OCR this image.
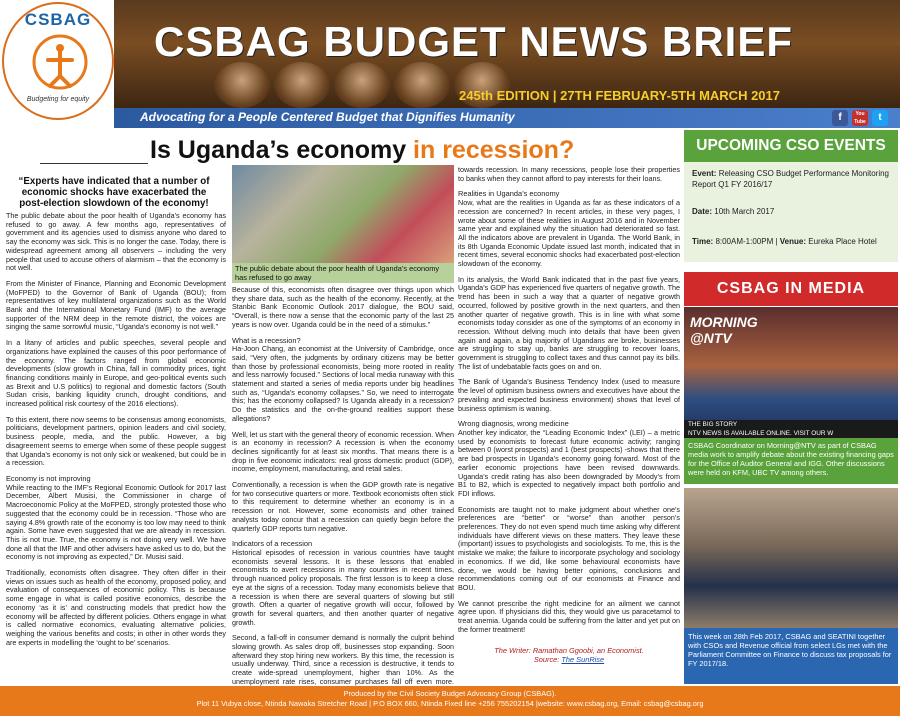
CSBAG
Budgeting for equity
CSBAG BUDGET NEWS BRIEF
245th EDITION | 27TH FEBRUARY-5TH MARCH 2017
Advocating for a People Centered Budget that Dignifies Humanity	f	You Tube	t
Is Uganda’s economy in recession?
“Experts have indicated that a number of economic shocks have exacerbated the post-election slowdown of the economy!

The public debate about the poor health of Uganda’s economy has refused to go away. A few months ago, representatives of government and its agencies used to dismiss anyone who dared to say the economy was sick. This is no longer the case. Today, there is widespread agreement among all observers – including the very people that used to accuse others of alarmism – that the economy is not well.

From the Minister of Finance, Planning and Economic Development (MoFPED) to the Governor of Bank of Uganda (BOU); from representatives of key multilateral organizations such as the World Bank and the International Monetary Fund (IMF) to the average supporter of the NRM deep in the remote district, the voices are singing the same sorrowful music, “Uganda’s economy is not well.”

In a litany of articles and public speeches, several people and organizations have explained the causes of this poor performance of the economy. The factors ranged from global economic developments (slow growth in China, fall in commodity prices, tight financing conditions mainly in Europe, and geo-political events such as Brexit and U.S politics) to regional and domestic factors (South Sudan crisis, banking liquidity crunch, drought conditions, and increased political risk courtesy of the 2016 elections).

To this extent, there now seems to be consensus among economists, politicians, development partners, opinion leaders and civil society, business people, media, and the public. However, a big disagreement seems to emerge when some of these people suggest that Uganda’s economy is not only sick or weakened, but could be in a recession.

Economy is not improving

While reacting to the IMF’s Regional Economic Outlook for 2017 last December, Albert Musisi, the Commissioner in charge of Macroeconomic Policy at the MoFPED, strongly protested those who suggested that the economy could be in recession. “Those who are saying 4.8% growth rate of the economy is too low may need to think again. Some have even suggested that we are already in recession. This is not true. True, the economy is not doing very well. We have done all that the IMF and other advisers have asked us to do, but the economy is not improving as expected,” Dr. Musisi said.

Traditionally, economists often disagree. They often differ in their views on issues such as health of the economy, proposed policy, and evaluation of consequences of economic policy. This is because some engage in what is called positive economics, describe the economy ‘as it is’ and constructing models that predict how the economy will be affected by different policies. Others engage in what is called normative economics, evaluating alternative policies, weighing the various benefits and costs; in other in other words they are experts in modelling the ‘ought to be’ scenarios.

The public debate about the poor health of Uganda’s economy has refused to go away

Because of this, economists often disagree over things upon which they share data, such as the health of the economy. Recently, at the Stanbic Bank Economic Outlook 2017 dialogue, the BOU said, “Overall, is there now a sense that the economic party of the last 25 years is now over. Uganda could be in the need of a stimulus.”

What is a recession?

Ha-Joon Chang, an economist at the University of Cambridge, once said, “Very often, the judgments by ordinary citizens may be better than those by professional economists, being more rooted in reality and less narrowly focused.” Sections of local media runaway with this statement and started a series of media reports under big headlines such as, “Uganda’s economy collapses.” So, we need to interrogate this; has the economy collapsed? Is Uganda already in a recession? Do the statistics and the on-the-ground realities support these allegations?

Well, let us start with the general theory of economic recession. When is an economy in recession? A recession is when the economy declines significantly for at least six months. That means there is a drop in five economic indicators: real gross domestic product (GDP), income, employment, manufacturing, and retail sales.

Conventionally, a recession is when the GDP growth rate is negative for two consecutive quarters or more. Textbook economists often stick to this requirement to determine whether an economy is in a recession or not. However, some economists and other trained analysts today concur that a recession can quietly begin before the quarterly GDP reports turn negative.

Indicators of a recession

Historical episodes of recession in various countries have taught economists several lessons. It is these lessons that enabled economists to avert recessions in many countries in recent times, through nuanced policy proposals. The first lesson is to keep a close eye at the signs of a recession. Today many economists believe that a recession is when there are several quarters of slowing but still growth. Often a quarter of negative growth will occur, followed by growth for several quarters, and then another quarter of negative growth.

Second, a fall-off in consumer demand is normally the culprit behind slowing growth. As sales drop off, businesses stop expanding. Soon afterward they stop hiring new workers. By this time, the recession is usually underway. Third, since a recession is destructive, it tends to create wide-spread unemployment, higher than 10%. As the unemployment rate rises, consumer purchases fall off even more.

towards recession. In many recessions, people lose their properties to banks when they cannot afford to pay interests for their loans.

Realities in Uganda’s economy

Now, what are the realities in Uganda as far as these indicators of a recession are concerned? In recent articles, in these very pages, I wrote about some of these realities in August 2016 and in November same year and explained why the situation had deteriorated so fast. All the indicators above are prevalent in Uganda. The World Bank, in its 8th Uganda Economic Update issued last month, indicated that in recent times, several economic shocks had exacerbated post-election slowdown of the economy.

In its analysis, the World Bank indicated that in the past five years, Uganda’s GDP has experienced five quarters of negative growth. The trend has been in such a way that a quarter of negative growth occurred, followed by positive growth in the next quarters, and then another quarter of negative growth. This is in line with what some economists today consider as one of the symptoms of an economy in recession. Without delving much into details that have been given again and again, a big majority of Ugandans are broke, businesses are struggling to stay up, banks are struggling to recover loans, government is struggling to collect taxes and thus cannot pay its bills. The list of undebatable facts goes on and on.

The Bank of Uganda’s Business Tendency Index (used to measure the level of optimism business owners and executives have about the prevailing and expected business environment) shows that level of business optimism is waning.

Wrong diagnosis, wrong medicine

Another key indicator, the “Leading Economic Index” (LEI) – a metric used by economists to forecast future economic activity; ranging between 0 (worst prospects) and 1 (best prospects) -shows that there are bad prospects in Uganda’s economy going forward. Most of the earlier economic projections have been revised downwards. Uganda’s credit rating has also been downgraded by Moody’s from B1 to B2, which is expected to negatively impact both portfolio and FDI inflows.

Economists are taught not to make judgment about whether one’s preferences are “better” or “worse” than another person’s preferences. They do not even spend much time asking why different individuals have different views on these matters. They leave these (important) issues to psychologists and sociologists. To me, this is the mistake we make; the failure to incorporate psychology and sociology in economics. If we did, like some behavioural economists have done, we would be having better opinions, conclusions and recommendations coming out of our economists at Finance and BOU.

We cannot prescribe the right medicine for an ailment we cannot agree upon. If physicians did this, they would give us paracetamol to treat anemia. Uganda could be suffering from the latter and yet put on the former treatment!

The Writer: Ramathan Ggoobi, an Economist.
Source: The SunRise
UPCOMING CSO EVENTS
Event: Releasing CSO Budget Performance Monitoring Report Q1 FY 2016/17
Date: 10th March 2017
Time: 8:00AM-1:00PM | Venue: Eureka Place Hotel
CSBAG IN MEDIA
MORNING @NTV
THE BIG STORY
NTV NEWS IS AVAILABLE ONLINE. VISIT OUR W
CSBAG Coordinator on Morning@NTV as part of CSBAG media work to amplify debate about the existing financing gaps for the Office of Auditor General and IGG. Other discussions were held on KFM, UBC TV among others.
This week on 28th Feb 2017, CSBAG and SEATINI together with CSOs and Revenue official from select LGs met with the Parliament Committee on Finance to discuss tax proposals for FY 2017/18.
Produced by the Civil Society Budget Advocacy Group (CSBAG).
Plot 11 Vubya close, Ntinda Nawaka Stretcher Road | P.O BOX 660, Ntinda Fixed line +256 755202154 |website: www.csbag.org, Email: csbag@csbag.org
